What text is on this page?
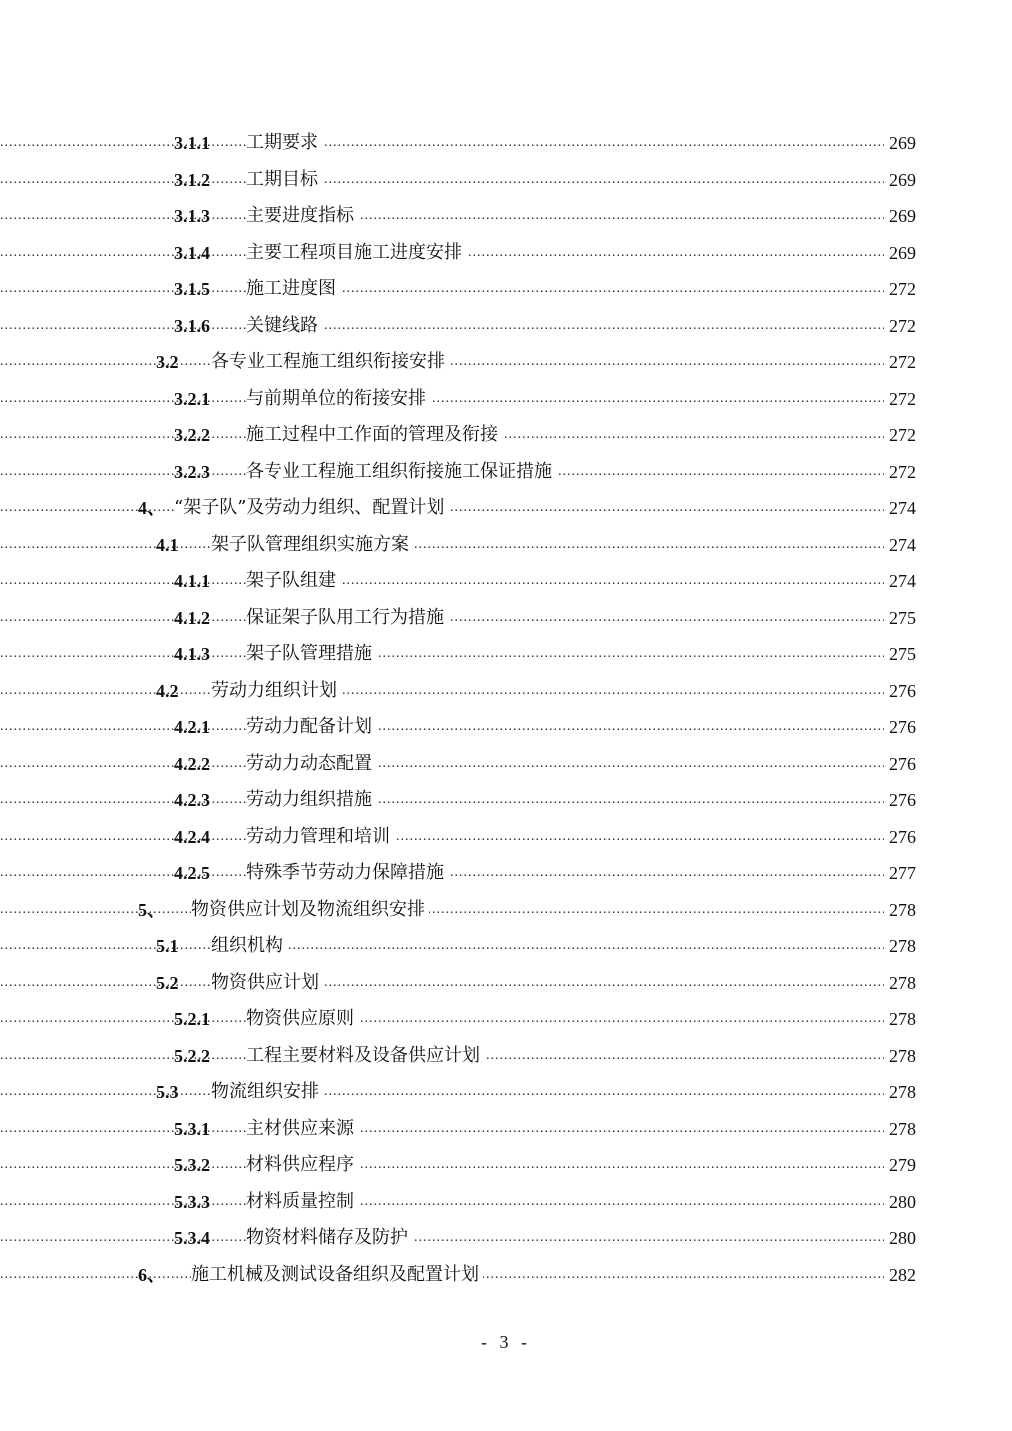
.....
3.1.1 工期要求	269
.....
3.1.2 工期目标	269
.....
3.1.3 主要进度指标	269
.....
3.1.4 主要工程项目施工进度安排	269
.....
3.1.5 施工进度图	272
.....
3.1.6 关键线路	272
.....
3.2 各专业工程施工组织衔接安排	272
.....
3.2.1 与前期单位的衔接安排	272
.....
3.2.2 施工过程中工作面的管理及衔接	272
.....
3.2.3 各专业工程施工组织衔接施工保证措施	272
.....
4、 “架子队”及劳动力组织、配置计划	274
.....
4.1 架子队管理组织实施方案	274
.....
4.1.1 架子队组建	274
.....
4.1.2 保证架子队用工行为措施	275
.....
4.1.3 架子队管理措施	275
.....
4.2 劳动力组织计划	276
.....
4.2.1 劳动力配备计划	276
.....
4.2.2 劳动力动态配置	276
.....
4.2.3 劳动力组织措施	276
.....
4.2.4 劳动力管理和培训	276
.....
4.2.5 特殊季节劳动力保障措施	277
.....
5、 物资供应计划及物流组织安排	278
.....
5.1 组织机构	278
.....
5.2 物资供应计划	278
.....
5.2.1 物资供应原则	278
.....
5.2.2 工程主要材料及设备供应计划	278
.....
5.3 物流组织安排	278
.....
5.3.1 主材供应来源	278
.....
5.3.2 材料供应程序	279
.....
5.3.3 材料质量控制	280
.....
5.3.4 物资材料储存及防护	280
.....
6、 施工机械及测试设备组织及配置计划	282
- 3 -
